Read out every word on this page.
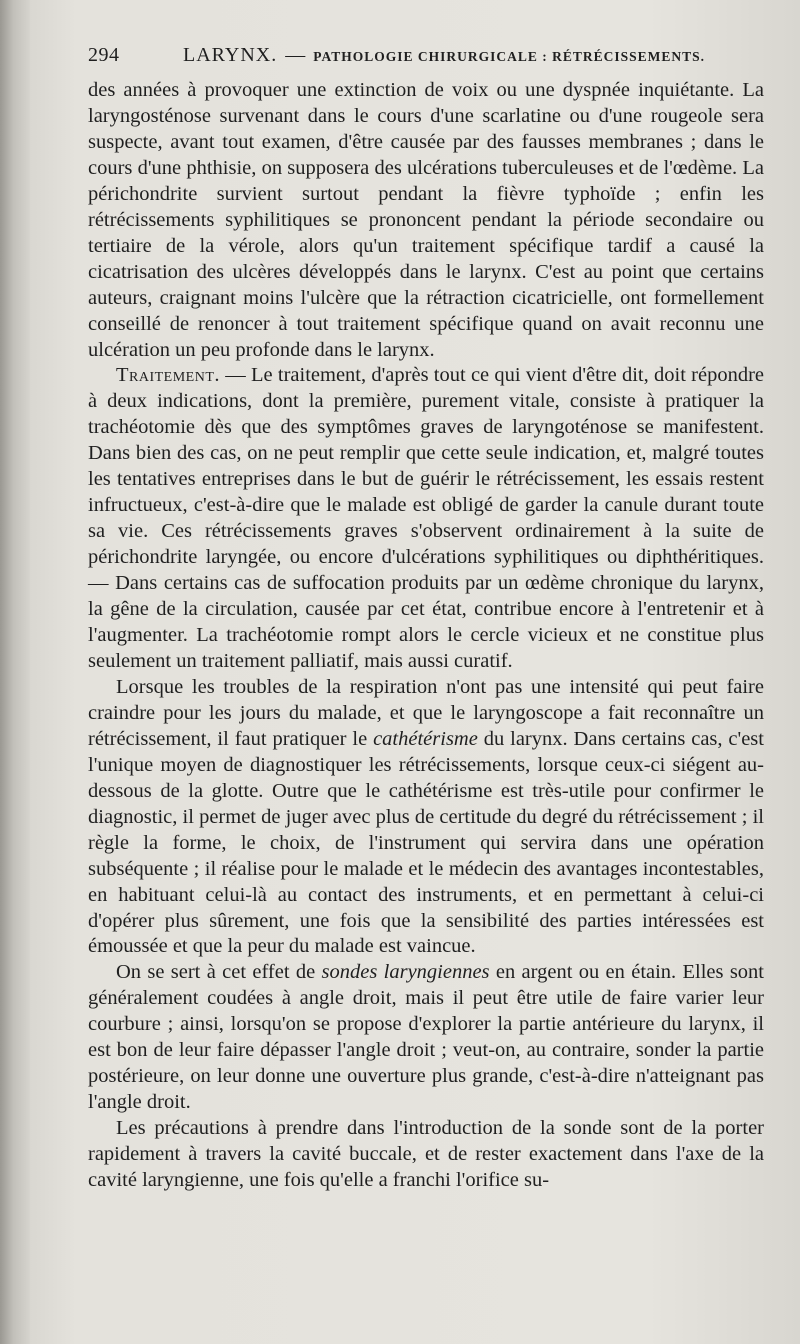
294	LARYNX. — PATHOLOGIE CHIRURGICALE : RÉTRÉCISSEMENTS.

des années à provoquer une extinction de voix ou une dyspnée inquiétante. La laryngosténose survenant dans le cours d'une scarlatine ou d'une rougeole sera suspecte, avant tout examen, d'être causée par des fausses membranes ; dans le cours d'une phthisie, on supposera des ulcérations tuberculeuses et de l'œdème. La périchondrite survient surtout pendant la fièvre typhoïde ; enfin les rétrécissements syphilitiques se prononcent pendant la période secondaire ou tertiaire de la vérole, alors qu'un traitement spécifique tardif a causé la cicatrisation des ulcères développés dans le larynx. C'est au point que certains auteurs, craignant moins l'ulcère que la rétraction cicatricielle, ont formellement conseillé de renoncer à tout traitement spécifique quand on avait reconnu une ulcération un peu profonde dans le larynx.

Traitement. — Le traitement, d'après tout ce qui vient d'être dit, doit répondre à deux indications, dont la première, purement vitale, consiste à pratiquer la trachéotomie dès que des symptômes graves de laryngoténose se manifestent. Dans bien des cas, on ne peut remplir que cette seule indication, et, malgré toutes les tentatives entreprises dans le but de guérir le rétrécissement, les essais restent infructueux, c'est-à-dire que le malade est obligé de garder la canule durant toute sa vie. Ces rétrécissements graves s'observent ordinairement à la suite de périchondrite laryngée, ou encore d'ulcérations syphilitiques ou diphthéritiques. — Dans certains cas de suffocation produits par un œdème chronique du larynx, la gêne de la circulation, causée par cet état, contribue encore à l'entretenir et à l'augmenter. La trachéotomie rompt alors le cercle vicieux et ne constitue plus seulement un traitement palliatif, mais aussi curatif.

Lorsque les troubles de la respiration n'ont pas une intensité qui peut faire craindre pour les jours du malade, et que le laryngoscope a fait reconnaître un rétrécissement, il faut pratiquer le cathétérisme du larynx. Dans certains cas, c'est l'unique moyen de diagnostiquer les rétrécissements, lorsque ceux-ci siégent au-dessous de la glotte. Outre que le cathétérisme est très-utile pour confirmer le diagnostic, il permet de juger avec plus de certitude du degré du rétrécissement ; il règle la forme, le choix, de l'instrument qui servira dans une opération subséquente ; il réalise pour le malade et le médecin des avantages incontestables, en habituant celui-là au contact des instruments, et en permettant à celui-ci d'opérer plus sûrement, une fois que la sensibilité des parties intéressées est émoussée et que la peur du malade est vaincue.

On se sert à cet effet de sondes laryngiennes en argent ou en étain. Elles sont généralement coudées à angle droit, mais il peut être utile de faire varier leur courbure ; ainsi, lorsqu'on se propose d'explorer la partie antérieure du larynx, il est bon de leur faire dépasser l'angle droit ; veut-on, au contraire, sonder la partie postérieure, on leur donne une ouverture plus grande, c'est-à-dire n'atteignant pas l'angle droit.

Les précautions à prendre dans l'introduction de la sonde sont de la porter rapidement à travers la cavité buccale, et de rester exactement dans l'axe de la cavité laryngienne, une fois qu'elle a franchi l'orifice su-
